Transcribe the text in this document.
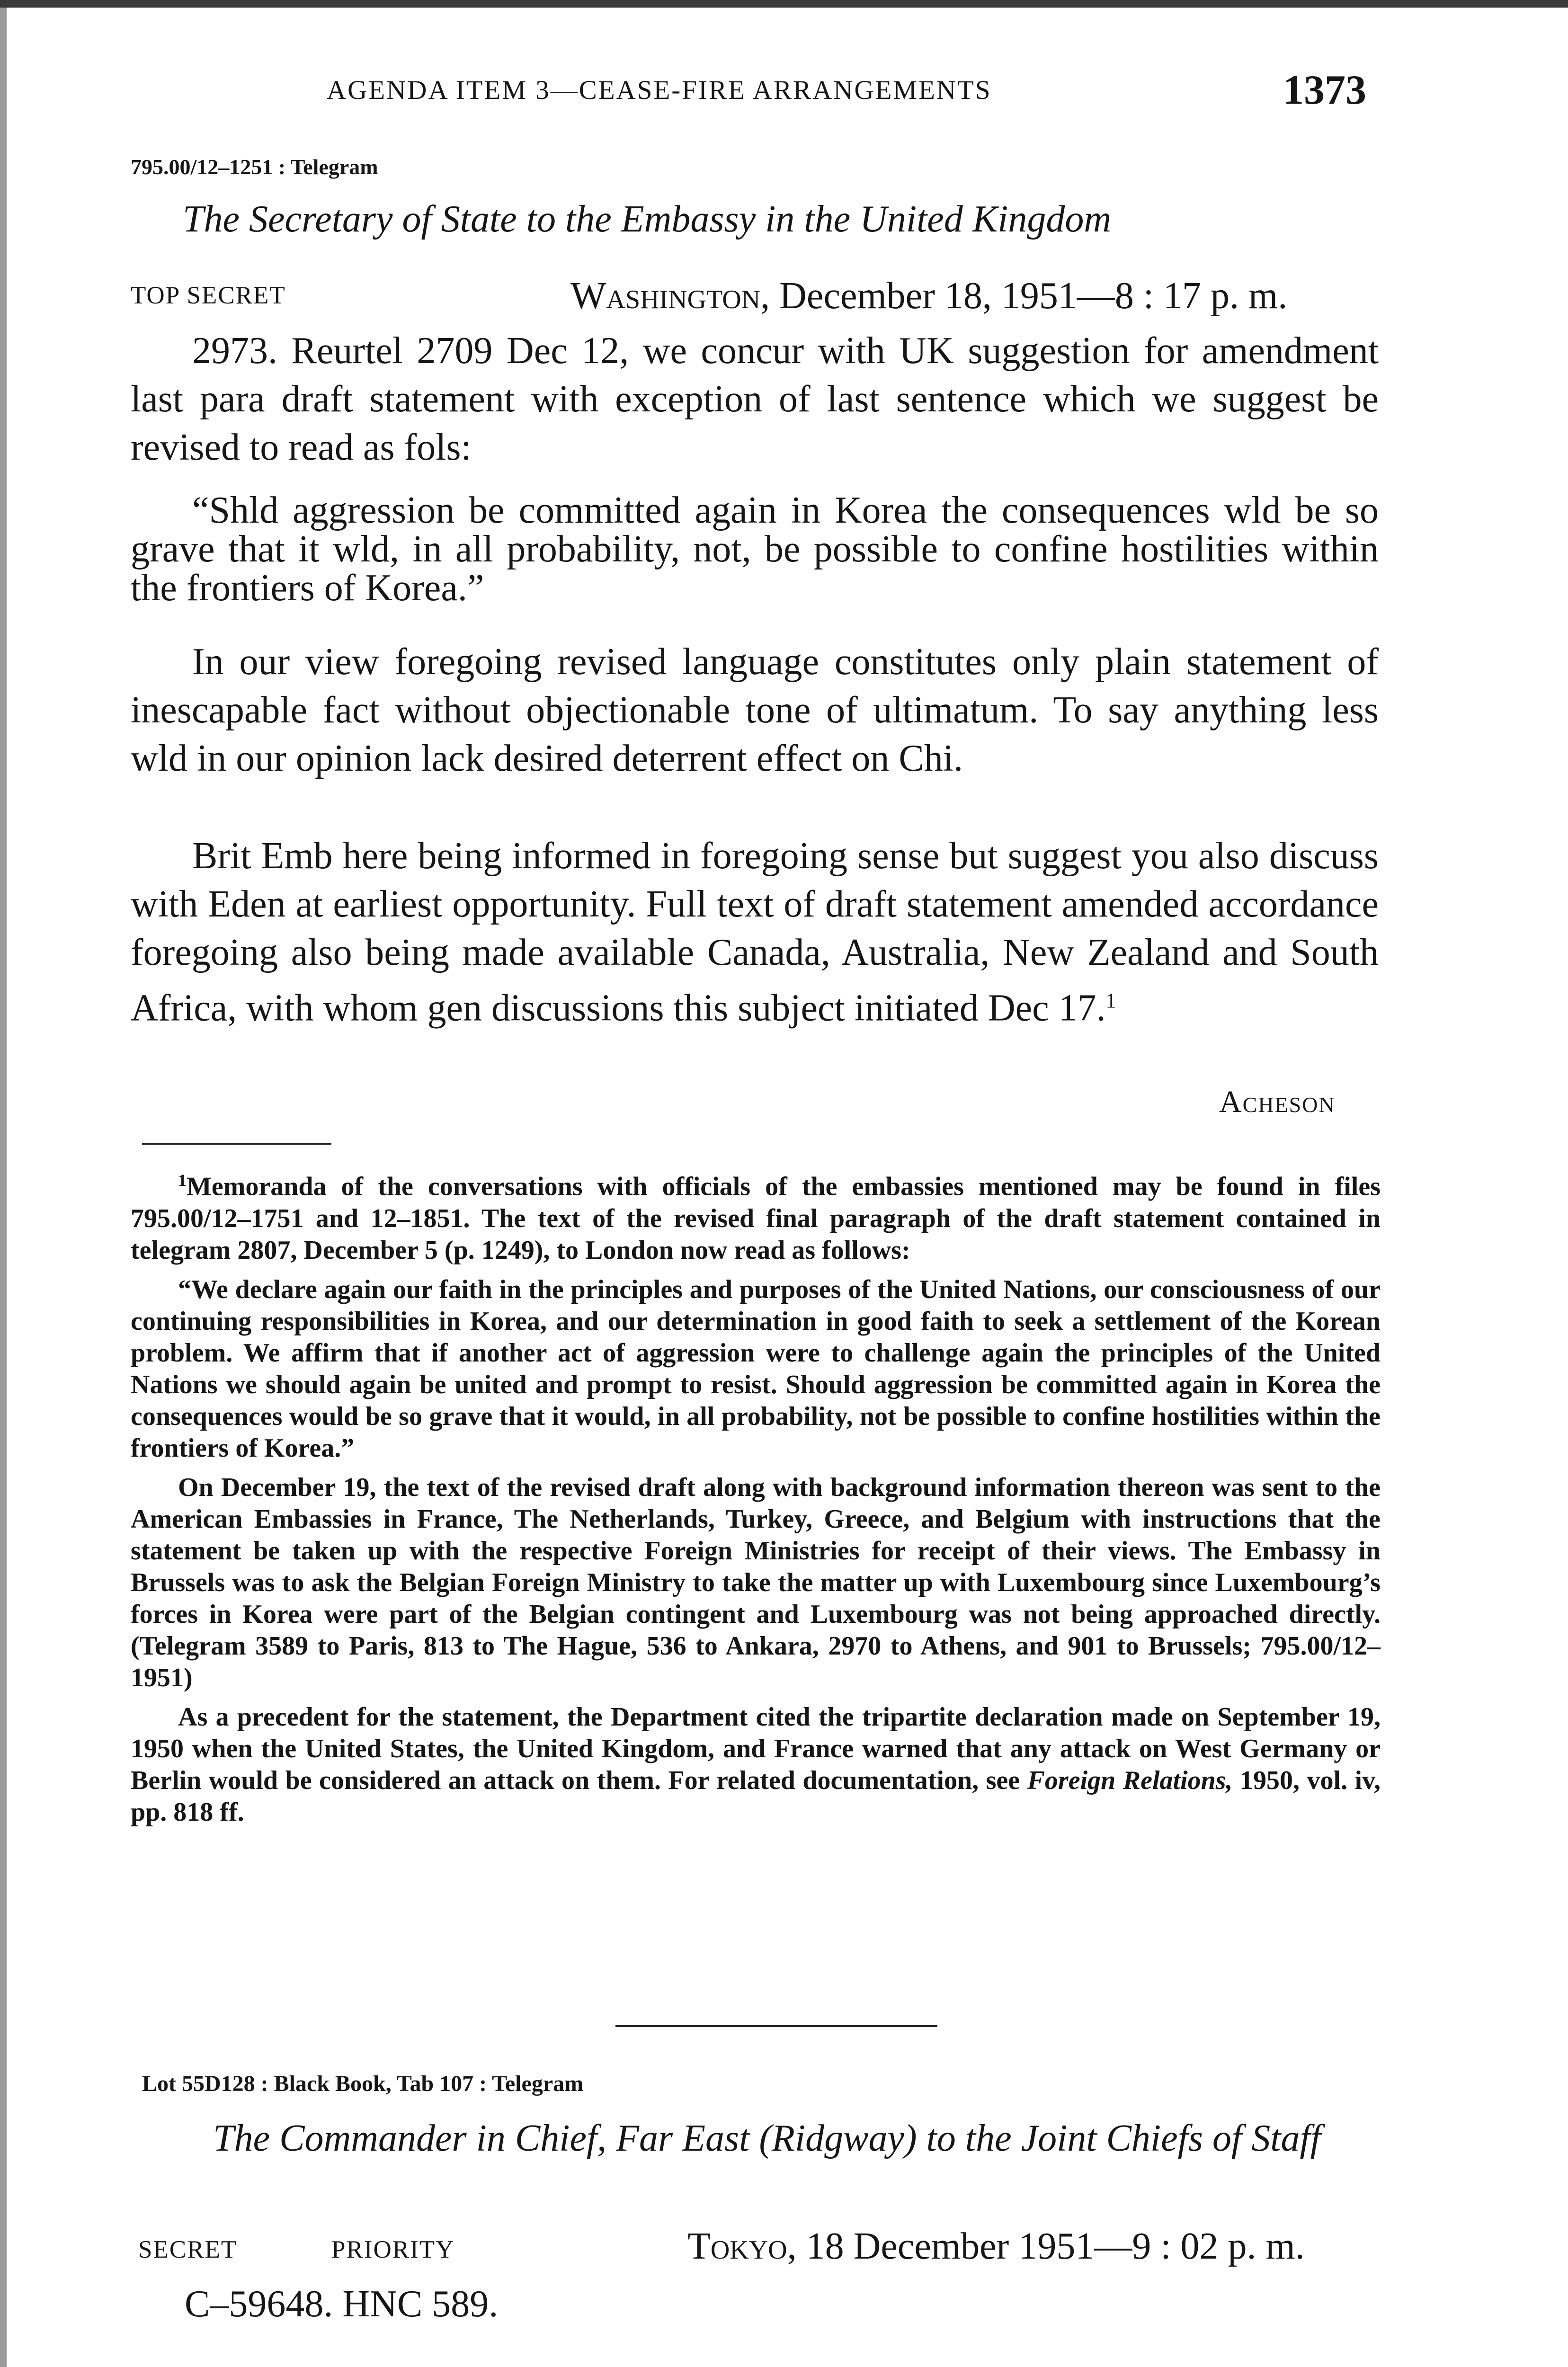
AGENDA ITEM 3—CEASE-FIRE ARRANGEMENTS	1373
795.00/12–1251 : Telegram
The Secretary of State to the Embassy in the United Kingdom
TOP SECRET	Washington, December 18, 1951—8 : 17 p. m.

2973. Reurtel 2709 Dec 12, we concur with UK suggestion for amendment last para draft statement with exception of last sentence which we suggest be revised to read as fols:

“Shld aggression be committed again in Korea the consequences wld be so grave that it wld, in all probability, not, be possible to confine hostilities within the frontiers of Korea.”

In our view foregoing revised language constitutes only plain statement of inescapable fact without objectionable tone of ultimatum. To say anything less wld in our opinion lack desired deterrent effect on Chi.

Brit Emb here being informed in foregoing sense but suggest you also discuss with Eden at earliest opportunity. Full text of draft statement amended accordance foregoing also being made available Canada, Australia, New Zealand and South Africa, with whom gen discussions this subject initiated Dec 17.$^1$

Acheson

$^1$Memoranda of the conversations with officials of the embassies mentioned may be found in files 795.00/12–1751 and 12–1851. The text of the revised final paragraph of the draft statement contained in telegram 2807, December 5 (p. 1249), to London now read as follows:

“We declare again our faith in the principles and purposes of the United Nations, our consciousness of our continuing responsibilities in Korea, and our determination in good faith to seek a settlement of the Korean problem. We affirm that if another act of aggression were to challenge again the principles of the United Nations we should again be united and prompt to resist. Should aggression be committed again in Korea the consequences would be so grave that it would, in all probability, not be possible to confine hostilities within the frontiers of Korea.”

On December 19, the text of the revised draft along with background information thereon was sent to the American Embassies in France, The Netherlands, Turkey, Greece, and Belgium with instructions that the statement be taken up with the respective Foreign Ministries for receipt of their views. The Embassy in Brussels was to ask the Belgian Foreign Ministry to take the matter up with Luxembourg since Luxembourg’s forces in Korea were part of the Belgian contingent and Luxembourg was not being approached directly. (Telegram 3589 to Paris, 813 to The Hague, 536 to Ankara, 2970 to Athens, and 901 to Brussels; 795.00/12–1951)

As a precedent for the statement, the Department cited the tripartite declaration made on September 19, 1950 when the United States, the United Kingdom, and France warned that any attack on West Germany or Berlin would be considered an attack on them. For related documentation, see Foreign Relations, 1950, vol. iv, pp. 818 ff.

Lot 55D128 : Black Book, Tab 107 : Telegram
The Commander in Chief, Far East (Ridgway) to the Joint Chiefs of Staff
SECRET	PRIORITY	Tokyo, 18 December 1951—9 : 02 p. m.
C–59648. HNC 589.
